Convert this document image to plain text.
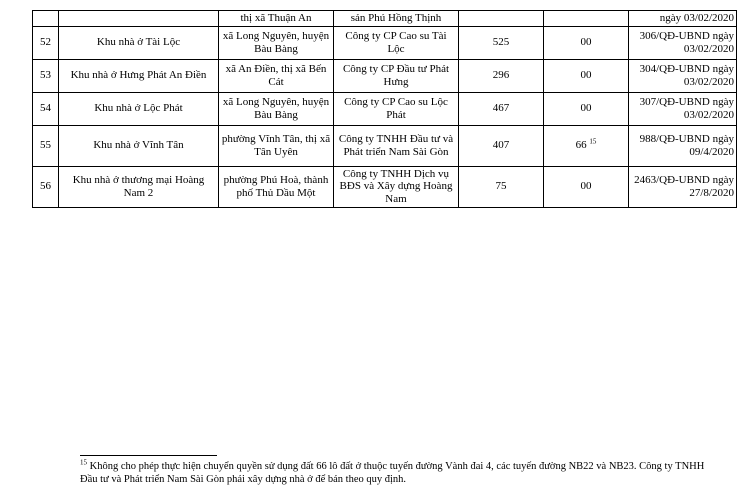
		thị xã Thuận An	sản Phú Hồng Thịnh			ngày 03/02/2020
52	Khu nhà ở Tài Lộc	xã Long Nguyên, huyện Bàu Bàng	Công ty CP Cao su Tài Lộc	525	00	306/QĐ-UBND ngày 03/02/2020
53	Khu nhà ở Hưng Phát An Điền	xã An Điền, thị xã Bến Cát	Công ty CP Đầu tư Phát Hưng	296	00	304/QĐ-UBND ngày 03/02/2020
54	Khu nhà ở Lộc Phát	xã Long Nguyên, huyện Bàu Bàng	Công ty CP Cao su Lộc Phát	467	00	307/QĐ-UBND ngày 03/02/2020
55	Khu nhà ở Vĩnh Tân	phường Vĩnh Tân, thị xã Tân Uyên	Công ty TNHH Đầu tư và Phát triển Nam Sài Gòn	407	66 $^{15}$	988/QĐ-UBND ngày 09/4/2020
56	Khu nhà ở thương mại Hoàng Nam 2	phường Phú Hoà, thành phố Thủ Dầu Một	Công ty TNHH Dịch vụ BĐS và Xây dựng Hoàng Nam	75	00	2463/QĐ-UBND ngày 27/8/2020
$^{15}$ Không cho phép thực hiện chuyển quyền sử dụng đất 66 lô đất ở thuộc tuyến đường Vành đai 4, các tuyến đường NB22 và NB23. Công ty TNHH Đầu tư và Phát triển Nam Sài Gòn phải xây dựng nhà ở để bán theo quy định.
